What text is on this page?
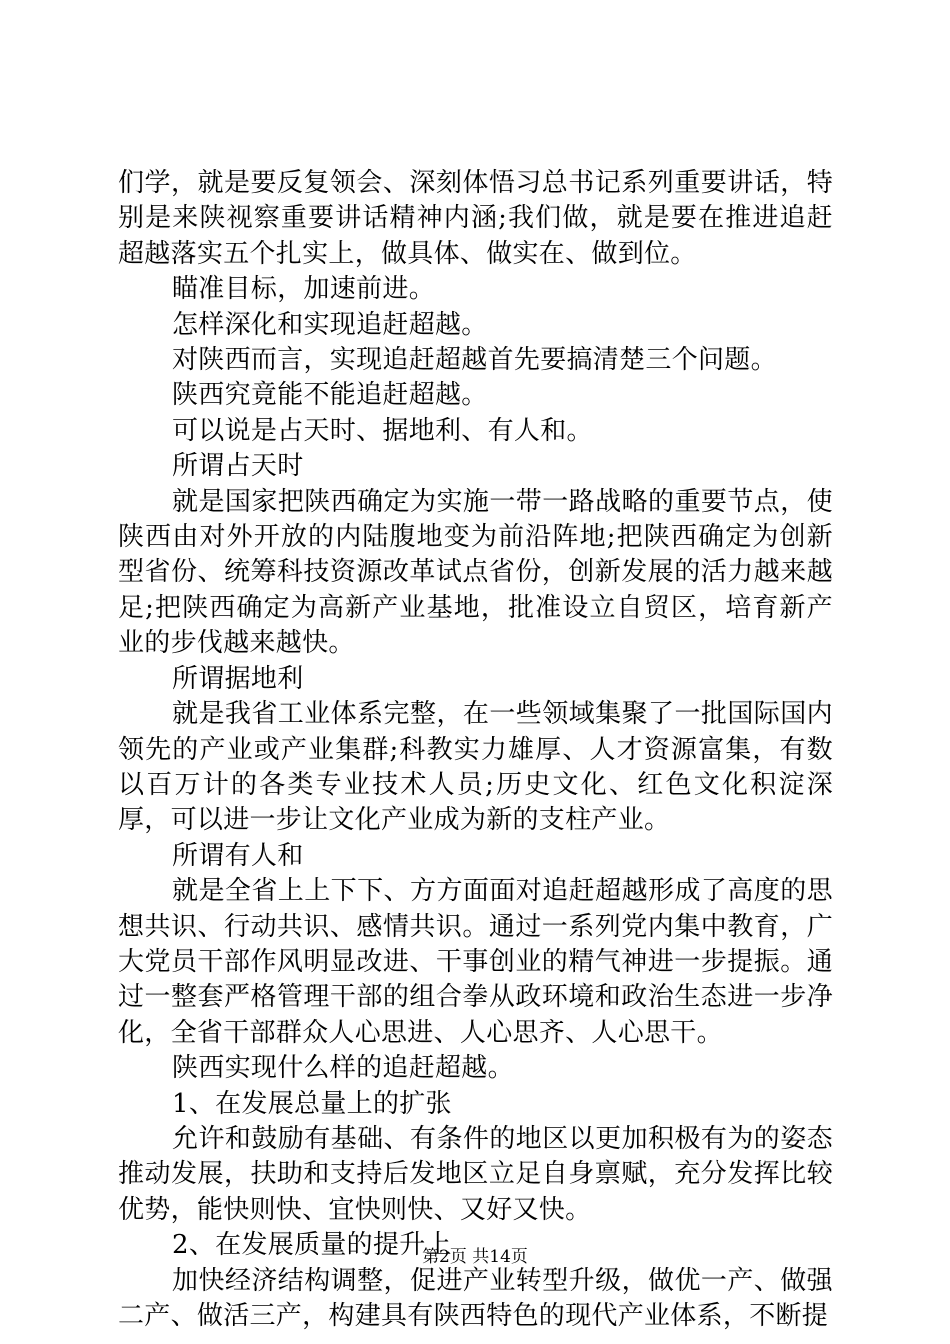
们学，就是要反复领会、深刻体悟习总书记系列重要讲话，特别是来陕视察重要讲话精神内涵;我们做，就是要在推进追赶超越落实五个扎实上，做具体、做实在、做到位。

瞄准目标，加速前进。

怎样深化和实现追赶超越。

对陕西而言，实现追赶超越首先要搞清楚三个问题。

陕西究竟能不能追赶超越。

可以说是占天时、据地利、有人和。

所谓占天时

就是国家把陕西确定为实施一带一路战略的重要节点，使陕西由对外开放的内陆腹地变为前沿阵地;把陕西确定为创新型省份、统筹科技资源改革试点省份，创新发展的活力越来越足;把陕西确定为高新产业基地，批准设立自贸区，培育新产业的步伐越来越快。

所谓据地利

就是我省工业体系完整，在一些领域集聚了一批国际国内领先的产业或产业集群;科教实力雄厚、人才资源富集，有数以百万计的各类专业技术人员;历史文化、红色文化积淀深厚，可以进一步让文化产业成为新的支柱产业。

所谓有人和

就是全省上上下下、方方面面对追赶超越形成了高度的思想共识、行动共识、感情共识。通过一系列党内集中教育，广大党员干部作风明显改进、干事创业的精气神进一步提振。通过一整套严格管理干部的组合拳从政环境和政治生态进一步净化，全省干部群众人心思进、人心思齐、人心思干。

陕西实现什么样的追赶超越。

1、在发展总量上的扩张

允许和鼓励有基础、有条件的地区以更加积极有为的姿态推动发展，扶助和支持后发地区立足自身禀赋，充分发挥比较优势，能快则快、宜快则快、又好又快。

2、在发展质量的提升上

加快经济结构调整，促进产业转型升级，做优一产、做强二产、做活三产，构建具有陕西特色的现代产业体系，不断提

第2页 共14页
